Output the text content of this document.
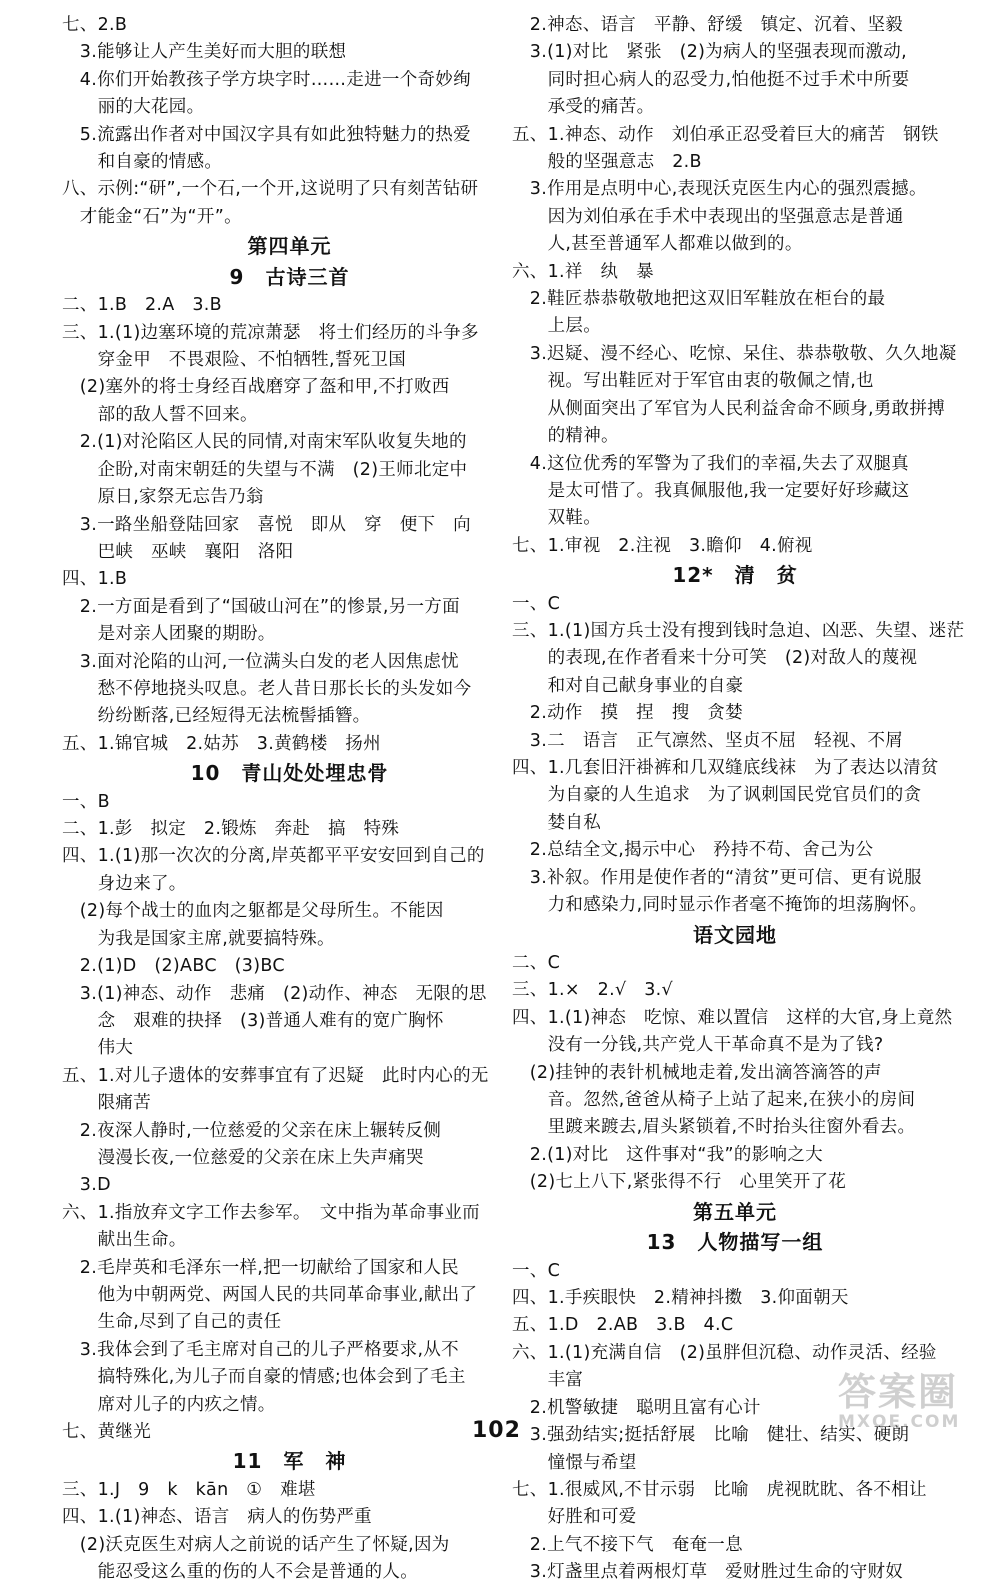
七、2.B
　3.能够让人产生美好而大胆的联想
　4.你们开始教孩子学方块字时……走进一个奇妙绚
　　丽的大花园。
　5.流露出作者对中国汉字具有如此独特魅力的热爱
　　和自豪的情感。
八、示例:“研”,一个石,一个开,这说明了只有刻苦钻研
　才能金“石”为“开”。
第四单元
9　古诗三首
二、1.B　2.A　3.B
三、1.(1)边塞环境的荒凉萧瑟　将士们经历的斗争多
　　穿金甲　不畏艰险、不怕牺牲,誓死卫国
　(2)塞外的将士身经百战磨穿了盔和甲,不打败西
　　部的敌人誓不回来。
　2.(1)对沦陷区人民的同情,对南宋军队收复失地的
　　企盼,对南宋朝廷的失望与不满　(2)王师北定中
　　原日,家祭无忘告乃翁
　3.一路坐船登陆回家　喜悦　即从　穿　便下　向
　　巴峡　巫峡　襄阳　洛阳
四、1.B
　2.一方面是看到了“国破山河在”的惨景,另一方面
　　是对亲人团聚的期盼。
　3.面对沦陷的山河,一位满头白发的老人因焦虑忧
　　愁不停地挠头叹息。老人昔日那长长的头发如今
　　纷纷断落,已经短得无法梳髻插簪。
五、1.锦官城　2.姑苏　3.黄鹤楼　扬州
10　青山处处埋忠骨
一、B
二、1.彭　拟定　2.锻炼　奔赴　搞　特殊
四、1.(1)那一次次的分离,岸英都平平安安回到自己的
　　身边来了。
　(2)每个战士的血肉之躯都是父母所生。不能因
　　为我是国家主席,就要搞特殊。
　2.(1)D　(2)ABC　(3)BC
　3.(1)神态、动作　悲痛　(2)动作、神态　无限的思
　　念　艰难的抉择　(3)普通人难有的宽广胸怀
　　伟大
五、1.对儿子遗体的安葬事宜有了迟疑　此时内心的无
　　限痛苦
　2.夜深人静时,一位慈爱的父亲在床上辗转反侧
　　漫漫长夜,一位慈爱的父亲在床上失声痛哭
　3.D
六、1.指放弃文字工作去参军。　文中指为革命事业而
　　献出生命。
　2.毛岸英和毛泽东一样,把一切献给了国家和人民
　　他为中朝两党、两国人民的共同革命事业,献出了
　　生命,尽到了自己的责任
　3.我体会到了毛主席对自己的儿子严格要求,从不
　　搞特殊化,为儿子而自豪的情感;也体会到了毛主
　　席对儿子的内疚之情。
七、黄继光
11　军　神
三、1.J　9　k　kān　①　难堪
四、1.(1)神态、语言　病人的伤势严重
　(2)沃克医生对病人之前说的话产生了怀疑,因为
　　能忍受这么重的伤的人不会是普通的人。
　2.神态、语言　平静、舒缓　镇定、沉着、坚毅
　3.(1)对比　紧张　(2)为病人的坚强表现而激动,
　　同时担心病人的忍受力,怕他挺不过手术中所要
　　承受的痛苦。
五、1.神态、动作　刘伯承正忍受着巨大的痛苦　钢铁
　　般的坚强意志　2.B
　3.作用是点明中心,表现沃克医生内心的强烈震撼。
　　因为刘伯承在手术中表现出的坚强意志是普通
　　人,甚至普通军人都难以做到的。
六、1.祥　纨　暴
　2.鞋匠恭恭敬敬地把这双旧军鞋放在柜台的最
　　上层。
　3.迟疑、漫不经心、吃惊、呆住、恭恭敬敬、久久地凝
　　视。写出鞋匠对于军官由衷的敬佩之情,也
　　从侧面突出了军官为人民利益舍命不顾身,勇敢拼搏
　　的精神。
　4.这位优秀的军警为了我们的幸福,失去了双腿真
　　是太可惜了。我真佩服他,我一定要好好珍藏这
　　双鞋。
七、1.审视　2.注视　3.瞻仰　4.俯视
12*　清　贫
一、C
三、1.(1)国方兵士没有搜到钱时急迫、凶恶、失望、迷茫
　　的表现,在作者看来十分可笑　(2)对敌人的蔑视
　　和对自己献身事业的自豪
　2.动作　摸　捏　搜　贪婪
　3.二　语言　正气凛然、坚贞不屈　轻视、不屑
四、1.几套旧汗褂裤和几双缝底线袜　为了表达以清贫
　　为自豪的人生追求　为了讽刺国民党官员们的贪
　　婪自私
　2.总结全文,揭示中心　矜持不苟、舍己为公
　3.补叙。作用是使作者的“清贫”更可信、更有说服
　　力和感染力,同时显示作者毫不掩饰的坦荡胸怀。
语文园地
二、C
三、1.×　2.√　3.√
四、1.(1)神态　吃惊、难以置信　这样的大官,身上竟然
　　没有一分钱,共产党人干革命真不是为了钱?
　(2)挂钟的表针机械地走着,发出滴答滴答的声
　　音。忽然,爸爸从椅子上站了起来,在狭小的房间
　　里踱来踱去,眉头紧锁着,不时抬头往窗外看去。
　2.(1)对比　这件事对“我”的影响之大
　(2)七上八下,紧张得不行　心里笑开了花
第五单元
13　人物描写一组
一、C
四、1.手疾眼快　2.精神抖擞　3.仰面朝天
五、1.D　2.AB　3.B　4.C
六、1.(1)充满自信　(2)虽胖但沉稳、动作灵活、经验
　　丰富
　2.机警敏捷　聪明且富有心计
　3.强劲结实;挺括舒展　比喻　健壮、结实、硬朗
　　憧憬与希望
七、1.很威风,不甘示弱　比喻　虎视眈眈、各不相让
　　好胜和可爱
　2.上气不接下气　奄奄一息
　3.灯盏里点着两根灯草　爱财胜过生命的守财奴
102
答案圈
MXQE.COM
